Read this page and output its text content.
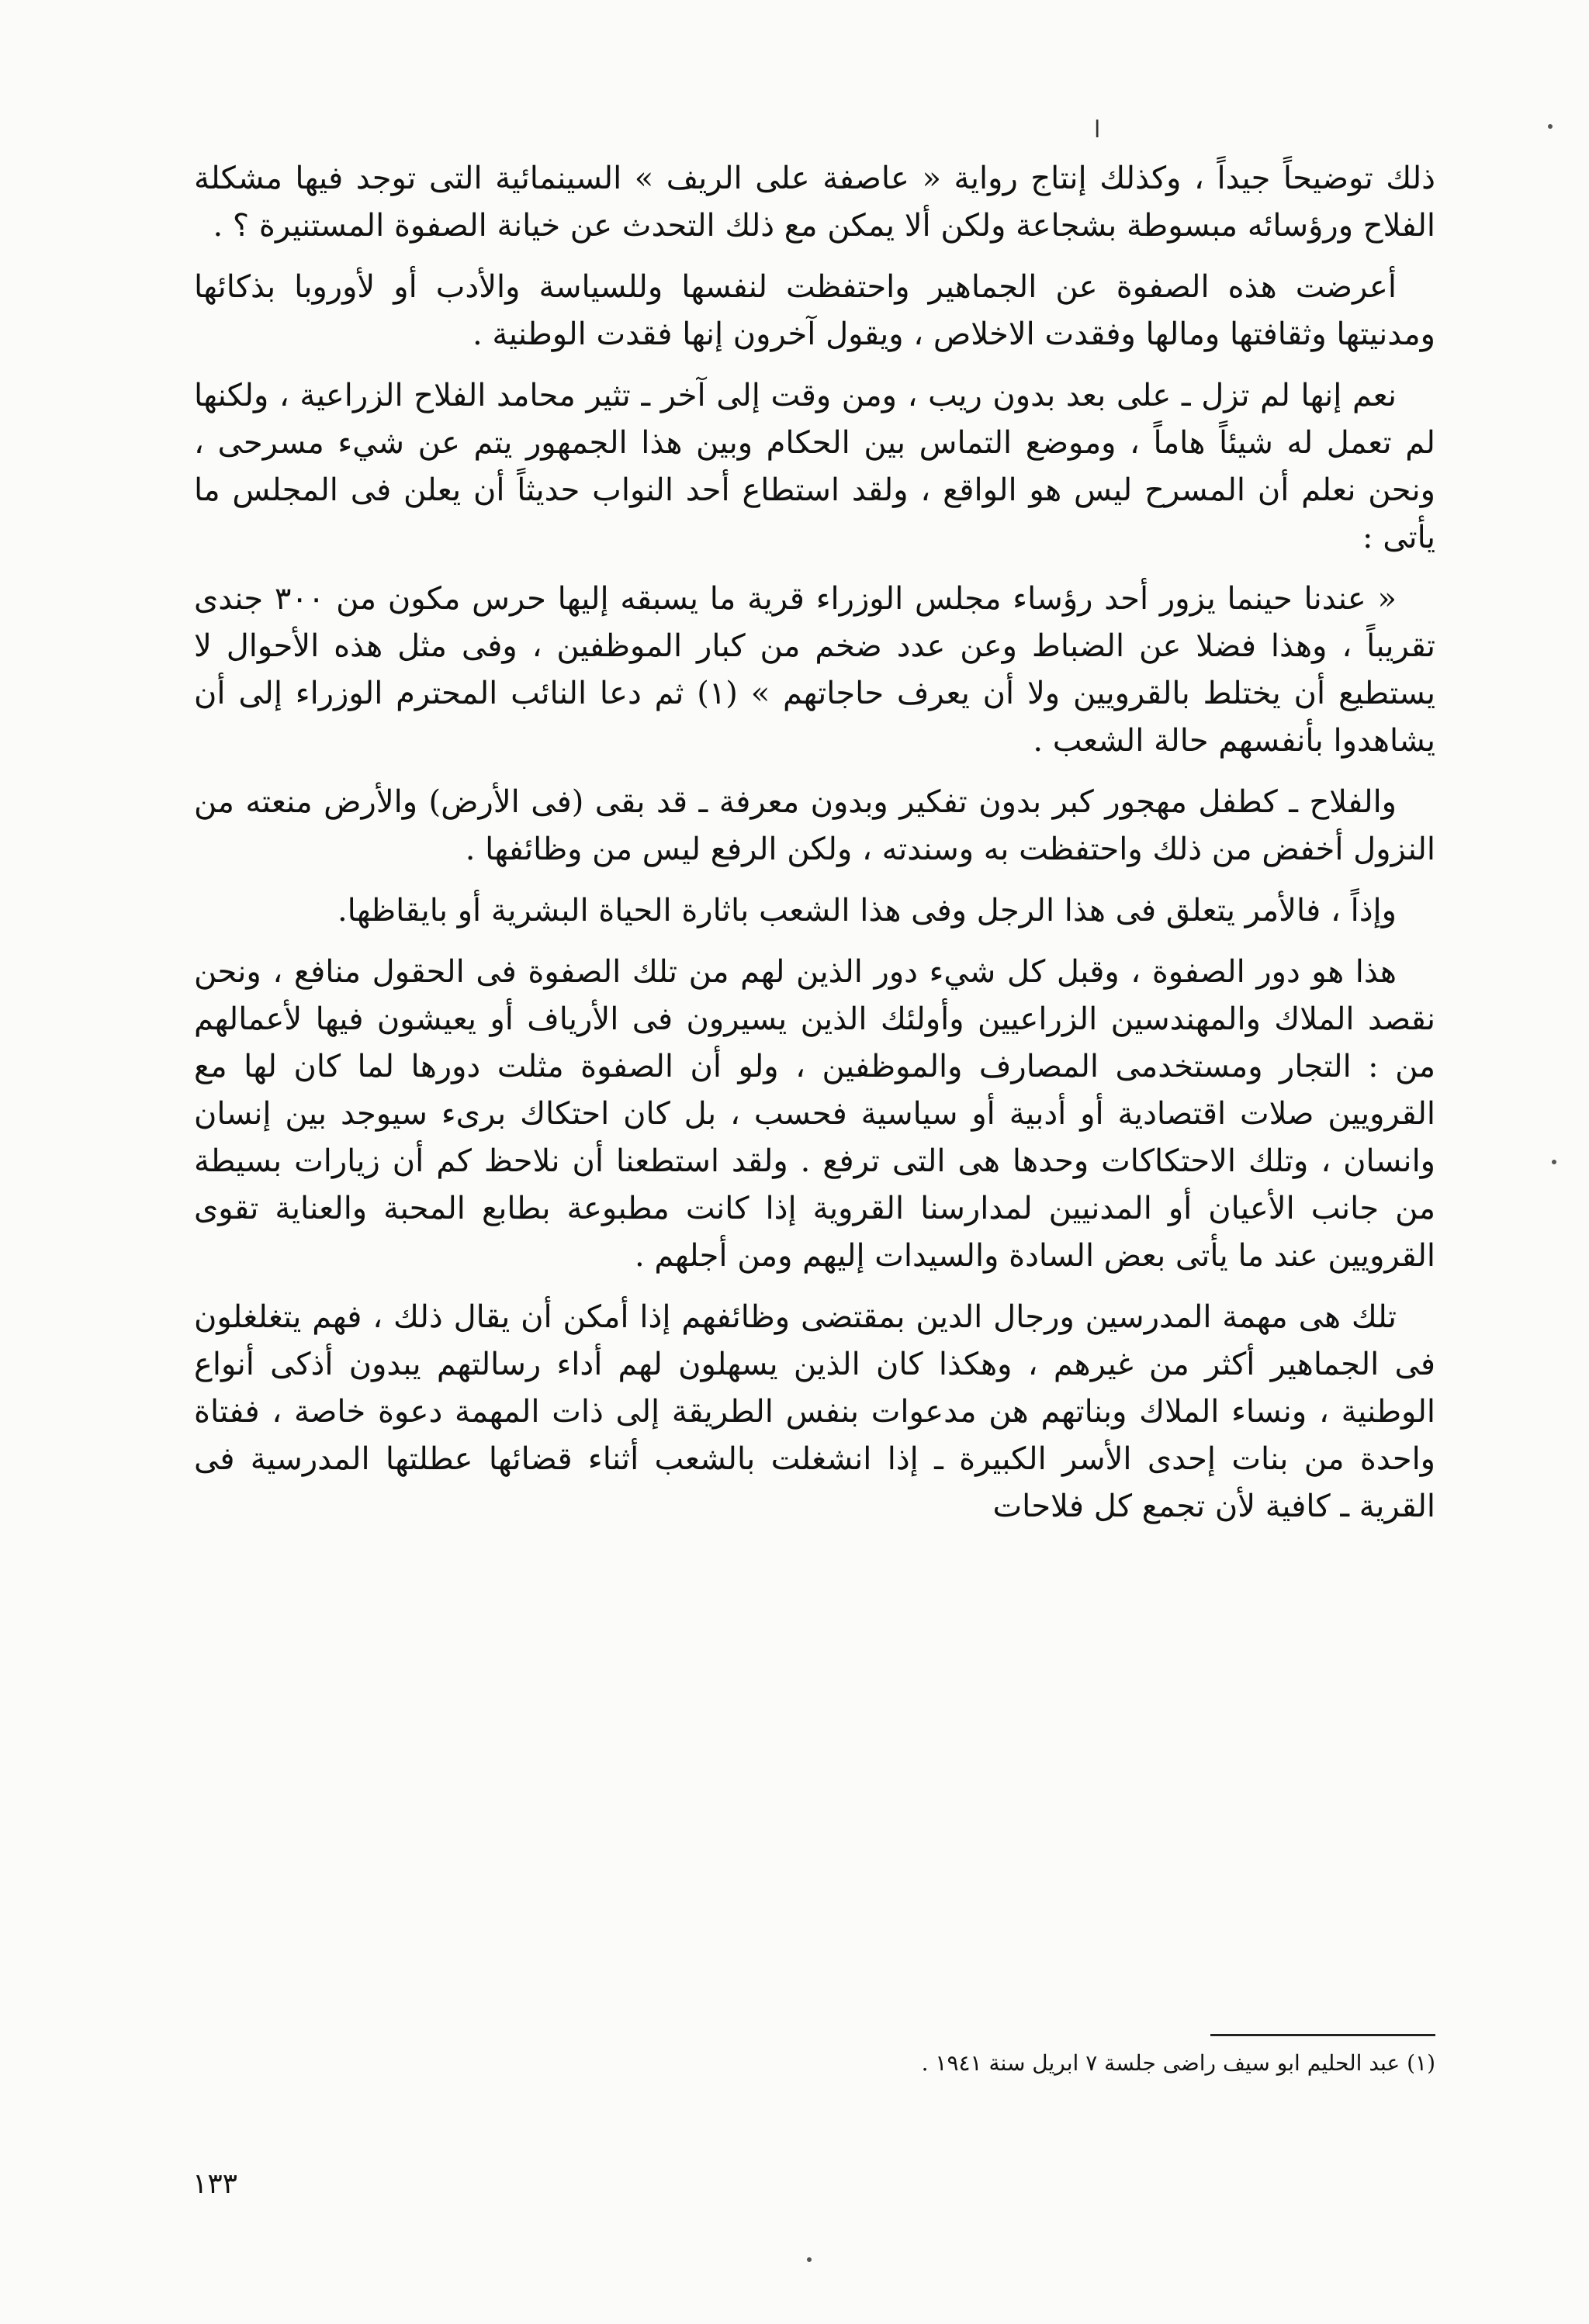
ا

ذلك توضيحاً جيداً ، وكذلك إنتاج رواية « عاصفة على الريف » السينمائية التى توجد فيها مشكلة الفلاح ورؤسائه مبسوطة بشجاعة ولكن ألا يمكن مع ذلك التحدث عن خيانة الصفوة المستنيرة ؟ .

أعرضت هذه الصفوة عن الجماهير واحتفظت لنفسها وللسياسة والأدب أو لأوروبا بذكائها ومدنيتها وثقافتها ومالها وفقدت الاخلاص ، ويقول آخرون إنها فقدت الوطنية .

نعم إنها لم تزل ـ على بعد بدون ريب ، ومن وقت إلى آخر ـ تثير محامد الفلاح الزراعية ، ولكنها لم تعمل له شيئاً هاماً ، وموضع التماس بين الحكام وبين هذا الجمهور يتم عن شيء مسرحى ، ونحن نعلم أن المسرح ليس هو الواقع ، ولقد استطاع أحد النواب حديثاً أن يعلن فى المجلس ما يأتى :

« عندنا حينما يزور أحد رؤساء مجلس الوزراء قرية ما يسبقه إليها حرس مكون من ٣٠٠ جندى تقريباً ، وهذا فضلا عن الضباط وعن عدد ضخم من كبار الموظفين ، وفى مثل هذه الأحوال لا يستطيع أن يختلط بالقرويين ولا أن يعرف حاجاتهم » (١) ثم دعا النائب المحترم الوزراء إلى أن يشاهدوا بأنفسهم حالة الشعب .

والفلاح ـ كطفل مهجور كبر بدون تفكير وبدون معرفة ـ قد بقى (فى الأرض) والأرض منعته من النزول أخفض من ذلك واحتفظت به وسندته ، ولكن الرفع ليس من وظائفها .

وإذاً ، فالأمر يتعلق فى هذا الرجل وفى هذا الشعب باثارة الحياة البشرية أو بايقاظها.

هذا هو دور الصفوة ، وقبل كل شيء دور الذين لهم من تلك الصفوة فى الحقول منافع ، ونحن نقصد الملاك والمهندسين الزراعيين وأولئك الذين يسيرون فى الأرياف أو يعيشون فيها لأعمالهم من : التجار ومستخدمى المصارف والموظفين ، ولو أن الصفوة مثلت دورها لما كان لها مع القرويين صلات اقتصادية أو أدبية أو سياسية فحسب ، بل كان احتكاك برىء سيوجد بين إنسان وانسان ، وتلك الاحتكاكات وحدها هى التى ترفع . ولقد استطعنا أن نلاحظ كم أن زيارات بسيطة من جانب الأعيان أو المدنيين لمدارسنا القروية إذا كانت مطبوعة بطابع المحبة والعناية تقوى القرويين عند ما يأتى بعض السادة والسيدات إليهم ومن أجلهم .

تلك هى مهمة المدرسين ورجال الدين بمقتضى وظائفهم إذا أمكن أن يقال ذلك ، فهم يتغلغلون فى الجماهير أكثر من غيرهم ، وهكذا كان الذين يسهلون لهم أداء رسالتهم يبدون أذكى أنواع الوطنية ، ونساء الملاك وبناتهم هن مدعوات بنفس الطريقة إلى ذات المهمة دعوة خاصة ، ففتاة واحدة من بنات إحدى الأسر الكبيرة ـ إذا انشغلت بالشعب أثناء قضائها عطلتها المدرسية فى القرية ـ كافية لأن تجمع كل فلاحات

(١) عبد الحليم ابو سيف راضى جلسة ٧ ابريل سنة ١٩٤١ .
١٣٣
